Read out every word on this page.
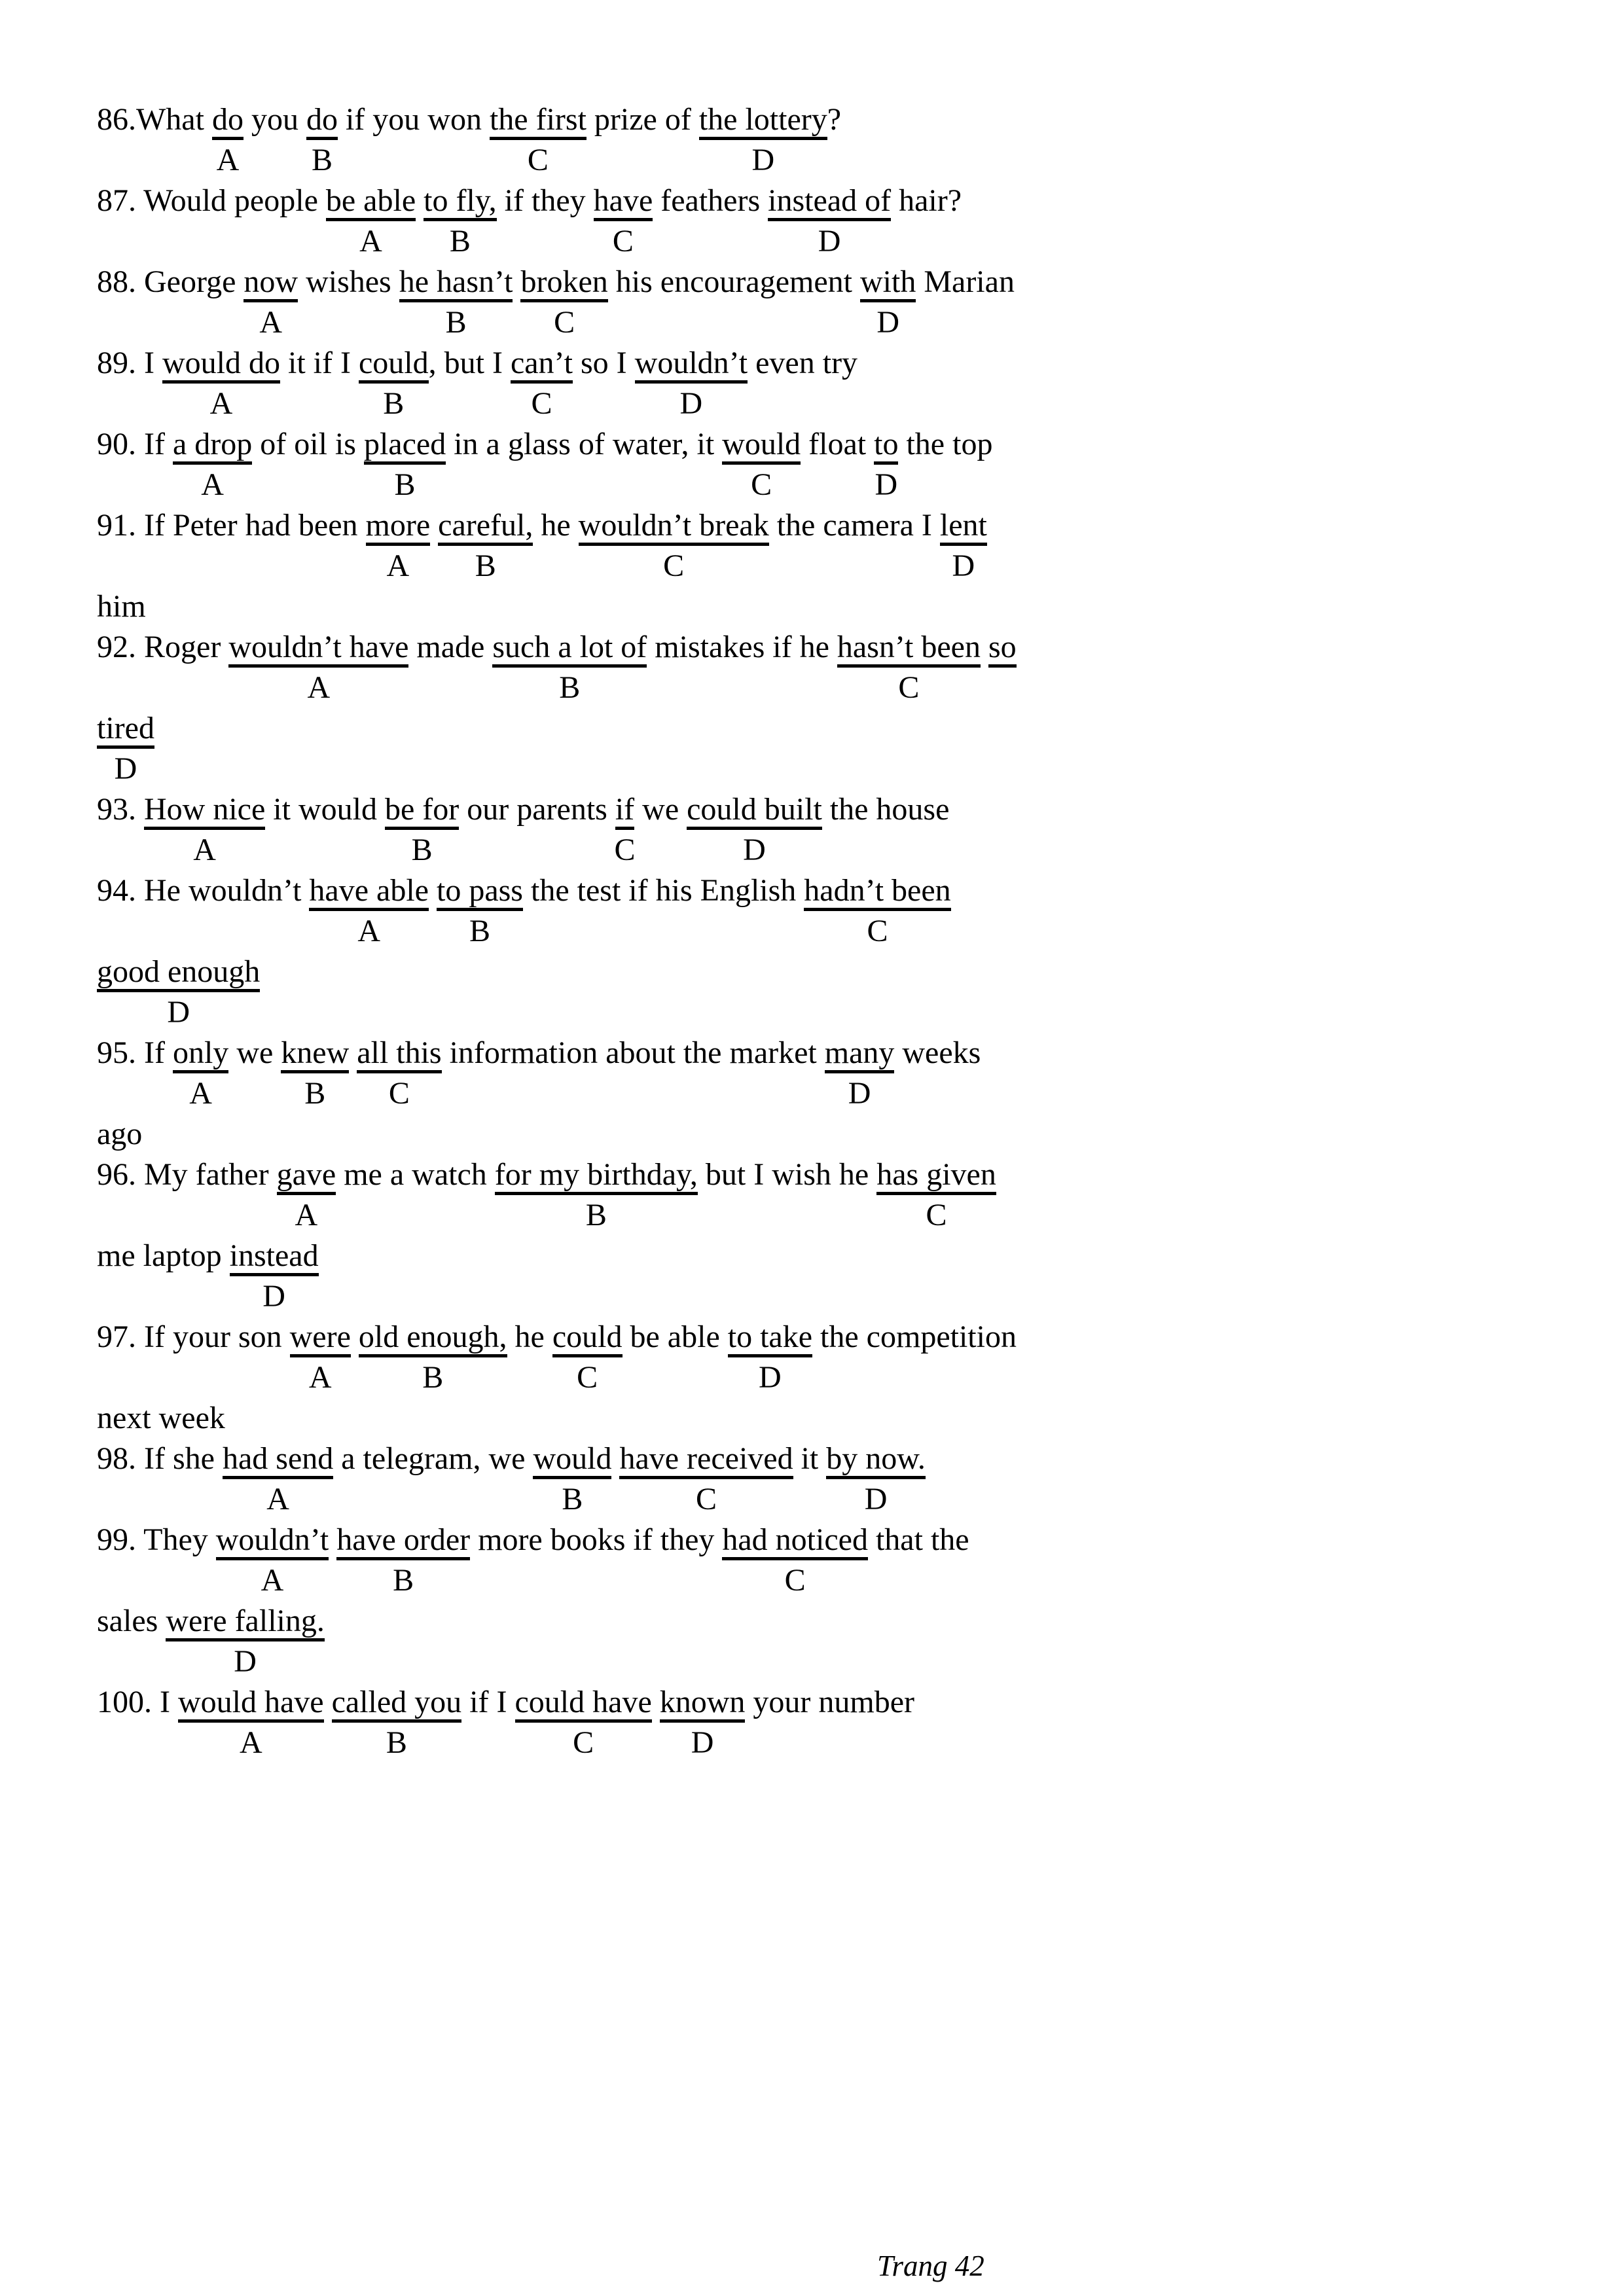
86.What do you do if you won the first prize of the lottery?
A B	C	D
87. Would people be able to fly, if they have feathers instead of hair?
A B	C	D
88. George now wishes he hasn’t broken his encouragement with Marian
A	B	C	D
89. I would do it if I could, but I can’t so I wouldn’t even try
A	B	C	D
90. If a drop of oil is placed in a glass of water, it would float to the top
A	B	C	D
91. If Peter had been more careful, he wouldn’t break the camera I lent
A B	C	D
him
92. Roger wouldn’t have made such a lot of mistakes if he hasn’t been so
A	B	C
tired
D
93. How nice it would be for our parents if we could built the house
A	B	C	D
94. He wouldn’t have able to pass the test if his English hadn’t been
A	B	C
good enough
D
95. If only we knew all this information about the market many weeks
A	B C	D
ago
96. My father gave me a watch for my birthday, but I wish he has given
A	B	C
me laptop instead
D
97. If your son were old enough, he could be able to take the competition
A	B	C	D
next week
98. If she had send a telegram, we would have received it by now.
A	B	C	D
99. They wouldn’t have order more books if they had noticed that the
A	B	C
sales were falling.
D
100. I would have called you if I could have known your number
A	B	C	D
Trang 42
